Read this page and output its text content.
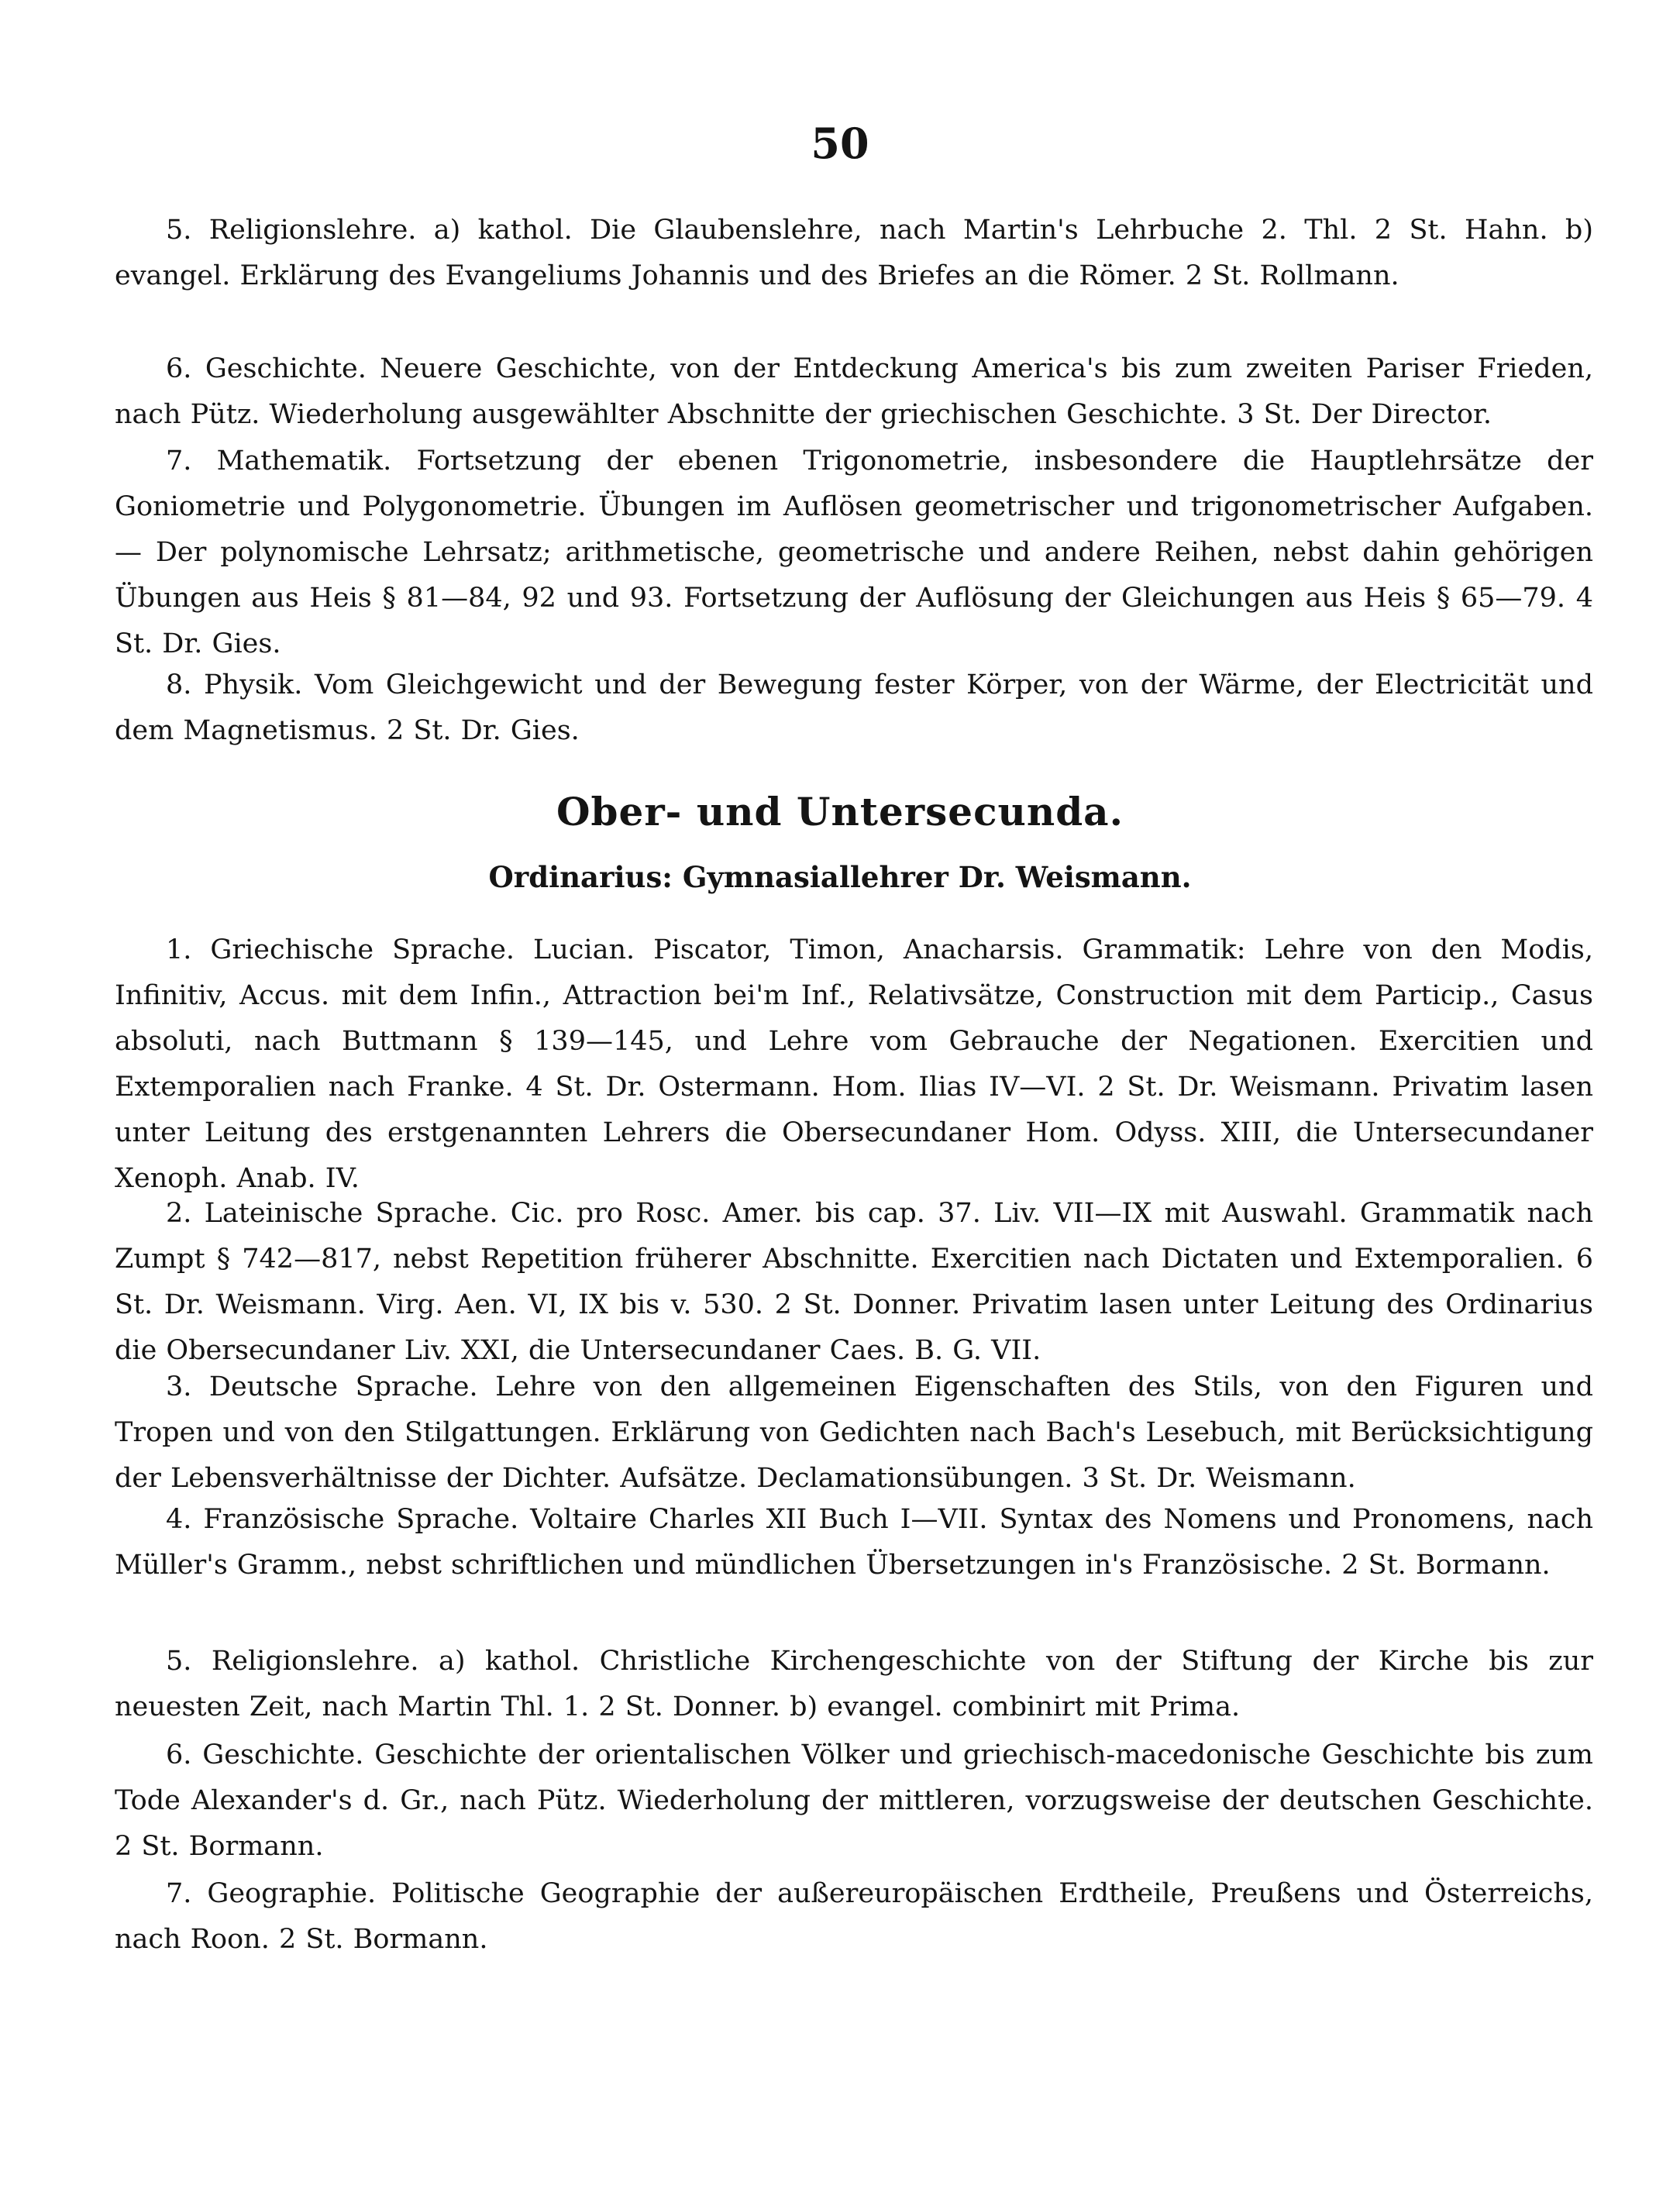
50
5. Religionslehre. a) kathol. Die Glaubenslehre, nach Martin's Lehrbuche 2. Thl. 2 St. Hahn. b) evangel. Erklärung des Evangeliums Johannis und des Briefes an die Römer. 2 St. Rollmann.
6. Geschichte. Neuere Geschichte, von der Entdeckung America's bis zum zweiten Pariser Frieden, nach Pütz. Wiederholung ausgewählter Abschnitte der griechischen Geschichte. 3 St. Der Director.
7. Mathematik. Fortsetzung der ebenen Trigonometrie, insbesondere die Hauptlehrsätze der Goniometrie und Polygonometrie. Übungen im Auflösen geometrischer und trigonometrischer Aufgaben. — Der polynomische Lehrsatz; arithmetische, geometrische und andere Reihen, nebst dahin gehörigen Übungen aus Heis § 81—84, 92 und 93. Fortsetzung der Auflösung der Gleichungen aus Heis § 65—79. 4 St. Dr. Gies.
8. Physik. Vom Gleichgewicht und der Bewegung fester Körper, von der Wärme, der Electricität und dem Magnetismus. 2 St. Dr. Gies.
Ober- und Untersecunda.
Ordinarius: Gymnasiallehrer Dr. Weismann.
1. Griechische Sprache. Lucian. Piscator, Timon, Anacharsis. Grammatik: Lehre von den Modis, Infinitiv, Accus. mit dem Infin., Attraction bei'm Inf., Relativsätze, Construction mit dem Particip., Casus absoluti, nach Buttmann § 139—145, und Lehre vom Gebrauche der Negationen. Exercitien und Extemporalien nach Franke. 4 St. Dr. Ostermann. Hom. Ilias IV—VI. 2 St. Dr. Weismann. Privatim lasen unter Leitung des erstgenannten Lehrers die Obersecundaner Hom. Odyss. XIII, die Untersecundaner Xenoph. Anab. IV.
2. Lateinische Sprache. Cic. pro Rosc. Amer. bis cap. 37. Liv. VII—IX mit Auswahl. Grammatik nach Zumpt § 742—817, nebst Repetition früherer Abschnitte. Exercitien nach Dictaten und Extemporalien. 6 St. Dr. Weismann. Virg. Aen. VI, IX bis v. 530. 2 St. Donner. Privatim lasen unter Leitung des Ordinarius die Obersecundaner Liv. XXI, die Untersecundaner Caes. B. G. VII.
3. Deutsche Sprache. Lehre von den allgemeinen Eigenschaften des Stils, von den Figuren und Tropen und von den Stilgattungen. Erklärung von Gedichten nach Bach's Lesebuch, mit Berücksichtigung der Lebensverhältnisse der Dichter. Aufsätze. Declamationsübungen. 3 St. Dr. Weismann.
4. Französische Sprache. Voltaire Charles XII Buch I—VII. Syntax des Nomens und Pronomens, nach Müller's Gramm., nebst schriftlichen und mündlichen Übersetzungen in's Französische. 2 St. Bormann.
5. Religionslehre. a) kathol. Christliche Kirchengeschichte von der Stiftung der Kirche bis zur neuesten Zeit, nach Martin Thl. 1. 2 St. Donner. b) evangel. combinirt mit Prima.
6. Geschichte. Geschichte der orientalischen Völker und griechisch-macedonische Geschichte bis zum Tode Alexander's d. Gr., nach Pütz. Wiederholung der mittleren, vorzugsweise der deutschen Geschichte. 2 St. Bormann.
7. Geographie. Politische Geographie der außereuropäischen Erdtheile, Preußens und Österreichs, nach Roon. 2 St. Bormann.
